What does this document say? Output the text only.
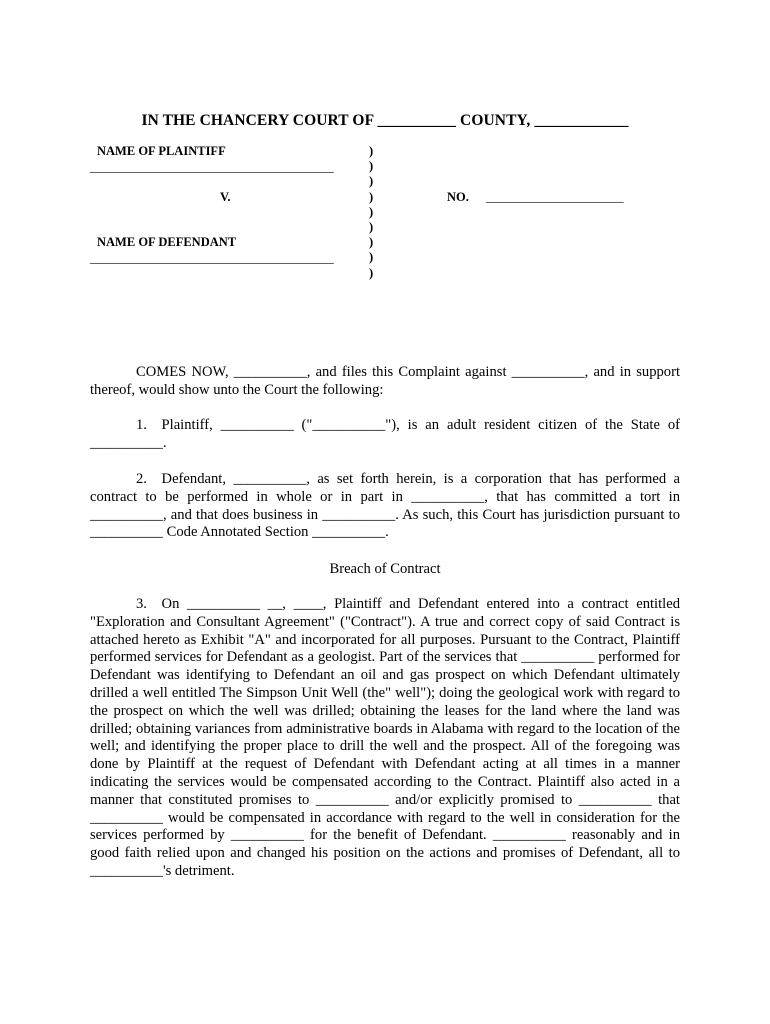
IN THE CHANCERY COURT OF __________ COUNTY, ____________
NAME OF PLAINTIFF
_______________________________________
V.
NAME OF DEFENDANT
_______________________________________
)
)
)
)
)
)
)
)
)
NO. ______________________

COMES NOW, __________, and files this Complaint against __________, and in support thereof, would show unto the Court the following:

1. Plaintiff, __________ ("__________"), is an adult resident citizen of the State of __________.

2. Defendant, __________, as set forth herein, is a corporation that has performed a contract to be performed in whole or in part in __________, that has committed a tort in __________, and that does business in __________. As such, this Court has jurisdiction pursuant to __________ Code Annotated Section __________.

Breach of Contract

3. On __________ __, ____, Plaintiff and Defendant entered into a contract entitled "Exploration and Consultant Agreement" ("Contract"). A true and correct copy of said Contract is attached hereto as Exhibit "A" and incorporated for all purposes. Pursuant to the Contract, Plaintiff performed services for Defendant as a geologist. Part of the services that __________ performed for Defendant was identifying to Defendant an oil and gas prospect on which Defendant ultimately drilled a well entitled The Simpson Unit Well (the" well"); doing the geological work with regard to the prospect on which the well was drilled; obtaining the leases for the land where the land was drilled; obtaining variances from administrative boards in Alabama with regard to the location of the well; and identifying the proper place to drill the well and the prospect. All of the foregoing was done by Plaintiff at the request of Defendant with Defendant acting at all times in a manner indicating the services would be compensated according to the Contract. Plaintiff also acted in a manner that constituted promises to __________ and/or explicitly promised to __________ that __________ would be compensated in accordance with regard to the well in consideration for the services performed by __________ for the benefit of Defendant. __________ reasonably and in good faith relied upon and changed his position on the actions and promises of Defendant, all to __________'s detriment.
